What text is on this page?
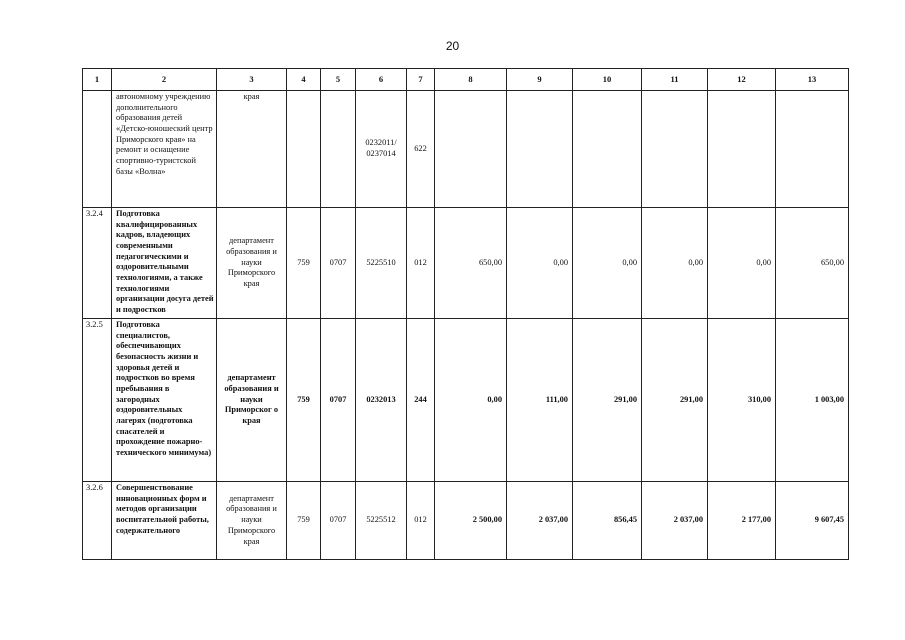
20
1	2	3	4	5	6	7	8	9	10	11	12	13
	автономному учреждению дополнительного образования детей «Детско-юношеский центр Приморского края» на ремонт и оснащение спортивно-туристской базы «Волна»	края			0232011/ 0237014	622						
3.2.4	Подготовка квалифицированных кадров, владеющих современными педагогическими и оздоровительными технологиями, а также технологиями организации досуга детей и подростков	департамент образования и науки Приморского края	759	0707	5225510	012	650,00	0,00	0,00	0,00	0,00	650,00
3.2.5	Подготовка специалистов, обеспечивающих безопасность жизни и здоровья детей и подростков во время пребывания в загородных оздоровительных лагерях (подготовка спасателей и прохождение пожарно-технического минимума)	департамент образования и науки Приморског о края	759	0707	0232013	244	0,00	111,00	291,00	291,00	310,00	1 003,00
3.2.6	Совершенствование инновационных форм и методов организации воспитательной работы, содержательного	департамент образования и науки Приморского края	759	0707	5225512	012	2 500,00	2 037,00	856,45	2 037,00	2 177,00	9 607,45
